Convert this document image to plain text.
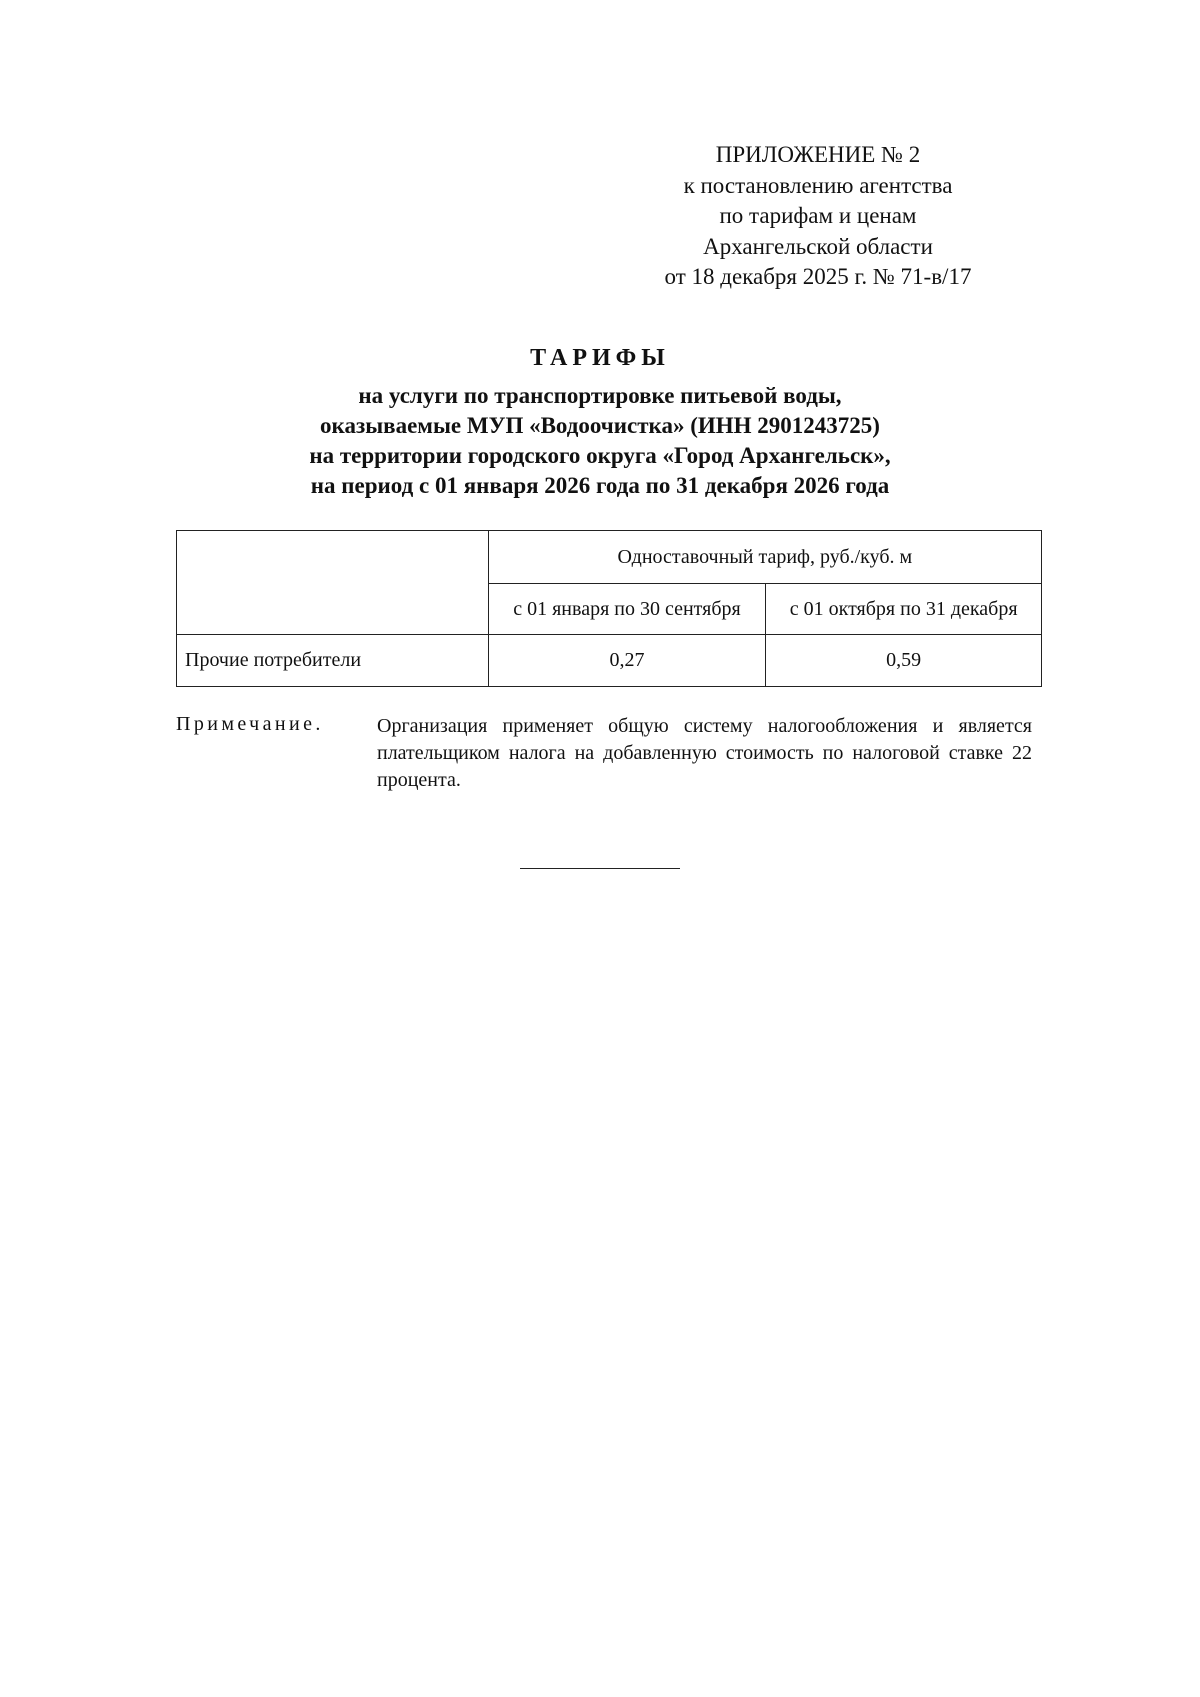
ПРИЛОЖЕНИЕ № 2
к постановлению агентства
по тарифам и ценам
Архангельской области
от 18 декабря 2025 г. № 71-в/17
ТАРИФЫ
на услуги по транспортировке питьевой воды,
оказываемые МУП «Водоочистка» (ИНН 2901243725)
на территории городского округа «Город Архангельск»,
на период с 01 января 2026 года по 31 декабря 2026 года
	Одноставочный тариф, руб./куб. м	
	с 01 января по 30 сентября	с 01 октября по 31 декабря
Прочие потребители	0,27	0,59
Примечание.	Организация применяет общую систему налогообложения и является плательщиком налога на добавленную стоимость по налоговой ставке 22 процента.
